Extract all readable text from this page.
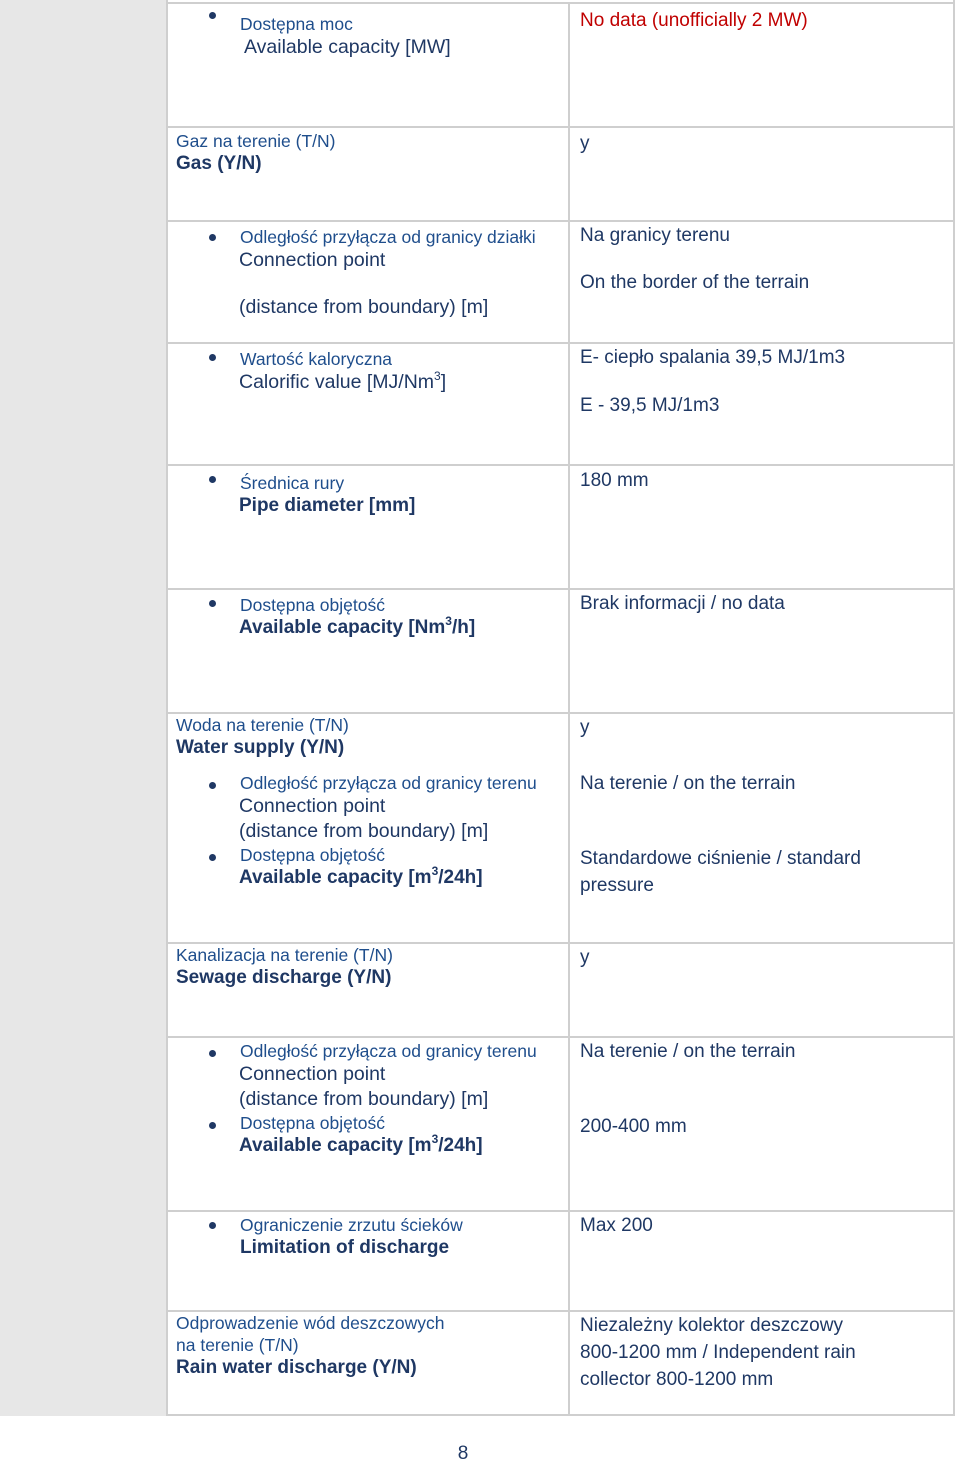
Dostępna moc
Available capacity [MW]
No data (unofficially 2 MW)
Gaz na terenie (T/N)
Gas (Y/N)
y
Odległość przyłącza od granicy działki
Connection point
(distance from boundary) [m]
Na granicy terenu
On the border of the terrain
Wartość kaloryczna
Calorific value [MJ/Nm$^3$]
E- ciepło spalania 39,5 MJ/1m3
E - 39,5 MJ/1m3
Średnica rury
Pipe diameter [mm]
180 mm
Dostępna objętość
Available capacity [Nm$^3$/h]
Brak informacji / no data
Woda na terenie (T/N)
Water supply (Y/N)
y
Odległość przyłącza od granicy terenu
Connection point
(distance from boundary) [m]
Dostępna objętość
Available capacity $[m^3/24h]$
Na terenie / on the terrain
Standardowe ciśnienie / standard
pressure
Kanalizacja na terenie (T/N)
Sewage discharge (Y/N)
y
Odległość przyłącza od granicy terenu
Connection point
(distance from boundary) [m]
Dostępna objętość
Available capacity $[m^3/24h]$
Na terenie / on the terrain
200-400 mm
Ograniczenie zrzutu ścieków
Limitation of discharge
Max 200
Odprowadzenie wód deszczowych
na terenie (T/N)
Rain water discharge (Y/N)
Niezależny kolektor deszczowy
800-1200 mm / Independent rain
collector 800-1200 mm
8
